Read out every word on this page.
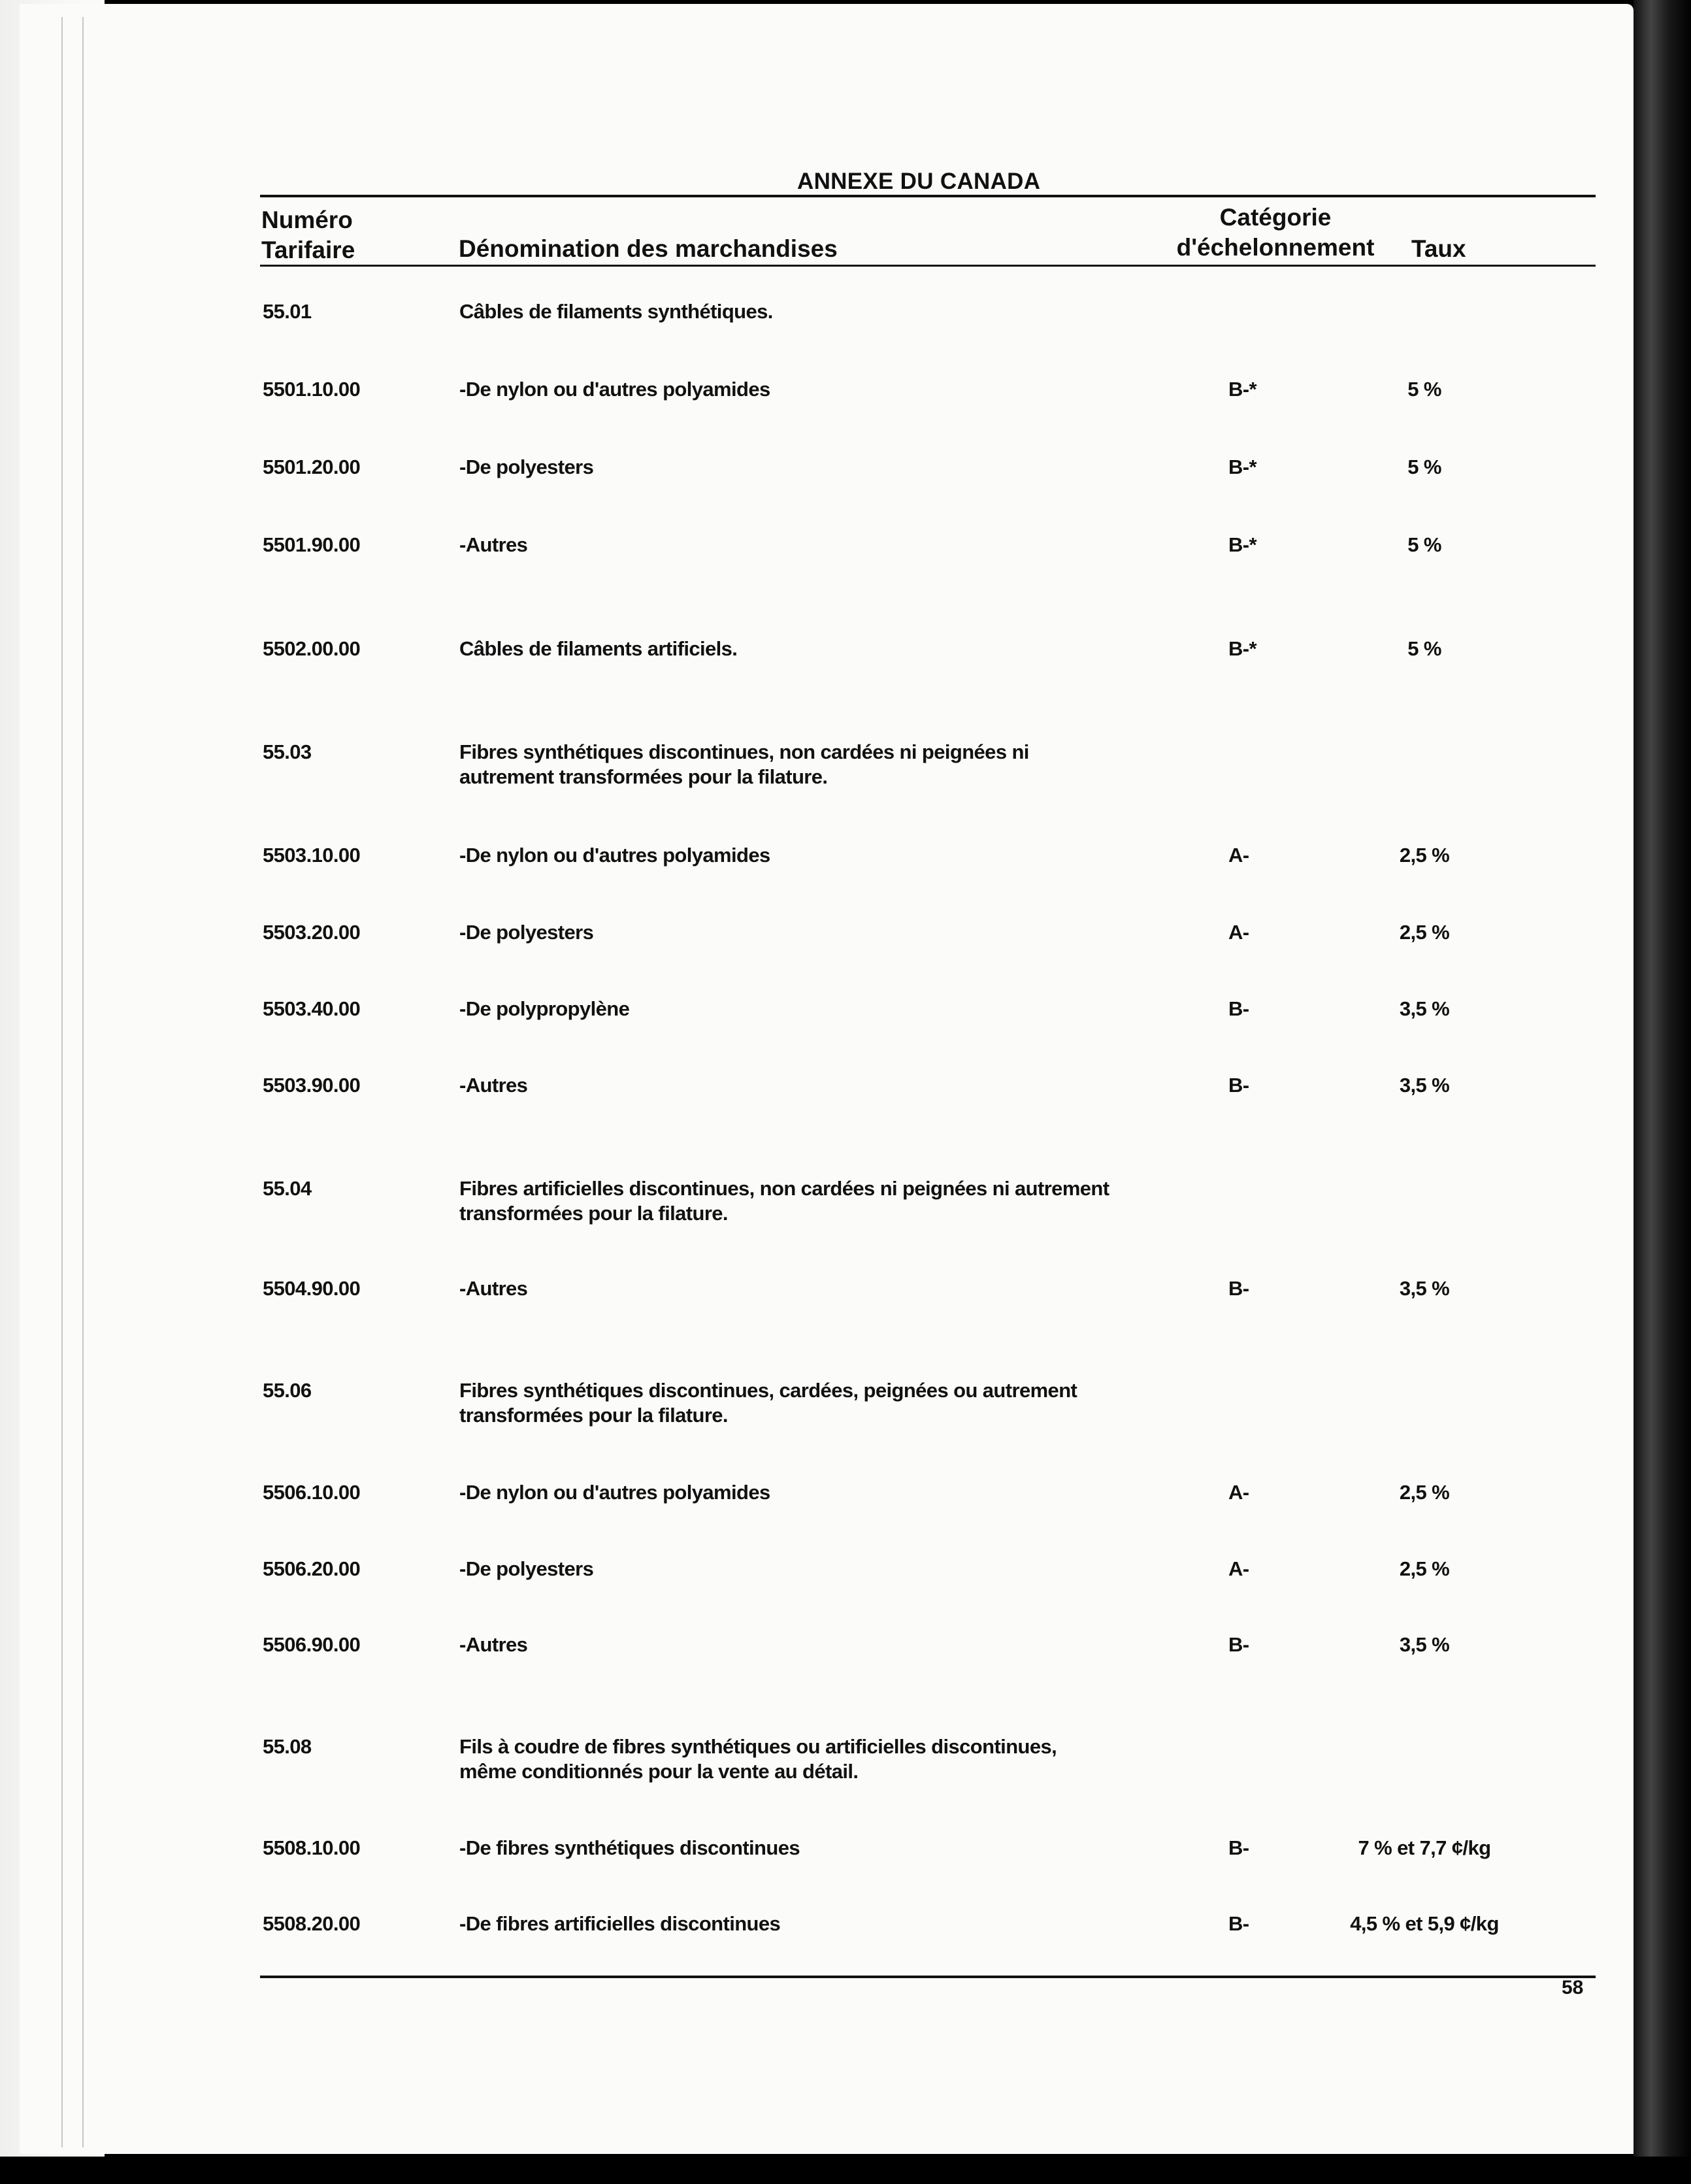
ANNEXE DU CANADA
Numéro
Tarifaire	Dénomination des marchandises
Catégorie
d'échelonnement	Taux
55.01	Câbles de filaments synthétiques.
5501.10.00	-De nylon ou d'autres polyamides	B-*	5 %
5501.20.00	-De polyesters	B-*	5 %
5501.90.00	-Autres	B-*	5 %
5502.00.00	Câbles de filaments artificiels.	B-*	5 %
55.03	Fibres synthétiques discontinues, non cardées ni peignées ni autrement transformées pour la filature.
5503.10.00	-De nylon ou d'autres polyamides	A-	2,5 %
5503.20.00	-De polyesters	A-	2,5 %
5503.40.00	-De polypropylène	B-	3,5 %
5503.90.00	-Autres	B-	3,5 %
55.04	Fibres artificielles discontinues, non cardées ni peignées ni autrement transformées pour la filature.
5504.90.00	-Autres	B-	3,5 %
55.06	Fibres synthétiques discontinues, cardées, peignées ou autrement transformées pour la filature.
5506.10.00	-De nylon ou d'autres polyamides	A-	2,5 %
5506.20.00	-De polyesters	A-	2,5 %
5506.90.00	-Autres	B-	3,5 %
55.08	Fils à coudre de fibres synthétiques ou artificielles discontinues, même conditionnés pour la vente au détail.
5508.10.00	-De fibres synthétiques discontinues	B-	7 % et 7,7 ¢/kg
5508.20.00	-De fibres artificielles discontinues	B-	4,5 % et 5,9 ¢/kg
58
